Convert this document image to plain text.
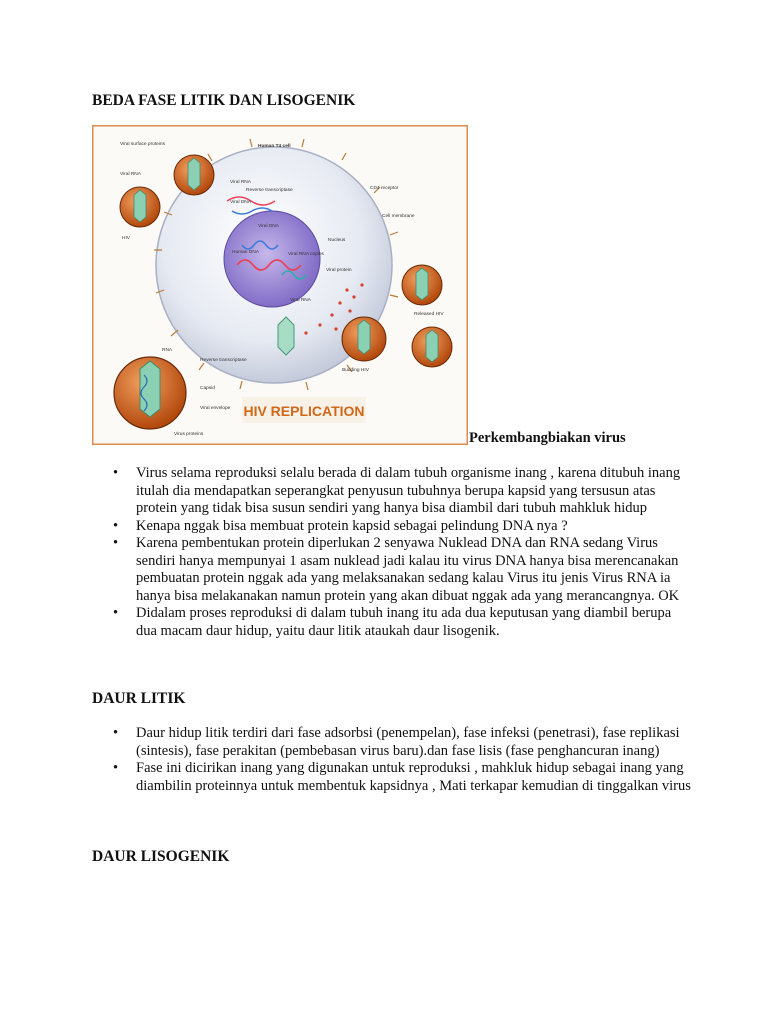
BEDA FASE LITIK DAN LISOGENIK
HIV REPLICATION
Viral surface proteins
Viral RNA
HIV
Human T4 cell
Viral RNA
Reverse transcriptase
Viral DNA
CD4 receptor
Cell membrane
Nucleus
Viral DNA
Human DNA	Viral RNA copies
Viral protein
Viral RNA
Released HIV
Budding HIV
RNA
Reverse transcriptase
Capsid
Viral envelope
Virus proteins	Perkembangbiakan virus
• Virus selama reproduksi selalu berada di dalam tubuh organisme inang , karena ditubuh inang itulah dia mendapatkan seperangkat penyusun tubuhnya berupa kapsid yang tersusun atas protein yang tidak bisa susun sendiri yang hanya bisa diambil dari tubuh mahkluk hidup
• Kenapa nggak bisa membuat protein kapsid sebagai pelindung DNA nya ?
• Karena pembentukan protein diperlukan 2 senyawa Nuklead DNA dan RNA sedang Virus sendiri hanya mempunyai 1 asam nuklead jadi kalau itu virus DNA hanya bisa merencanakan pembuatan protein nggak ada yang melaksanakan sedang kalau Virus itu jenis Virus RNA ia hanya bisa melakanakan namun protein yang akan dibuat nggak ada yang merancangnya. OK
• Didalam proses reproduksi di dalam tubuh inang itu ada dua keputusan yang diambil berupa dua macam daur hidup, yaitu daur litik ataukah daur lisogenik.
DAUR LITIK
• Daur hidup litik terdiri dari fase adsorbsi (penempelan), fase infeksi (penetrasi), fase replikasi (sintesis), fase perakitan (pembebasan virus baru).dan fase lisis (fase penghancuran inang)
• Fase ini dicirikan inang yang digunakan untuk reproduksi , mahkluk hidup sebagai inang yang diambilin proteinnya untuk membentuk kapsidnya , Mati terkapar kemudian di tinggalkan virus
DAUR LISOGENIK
